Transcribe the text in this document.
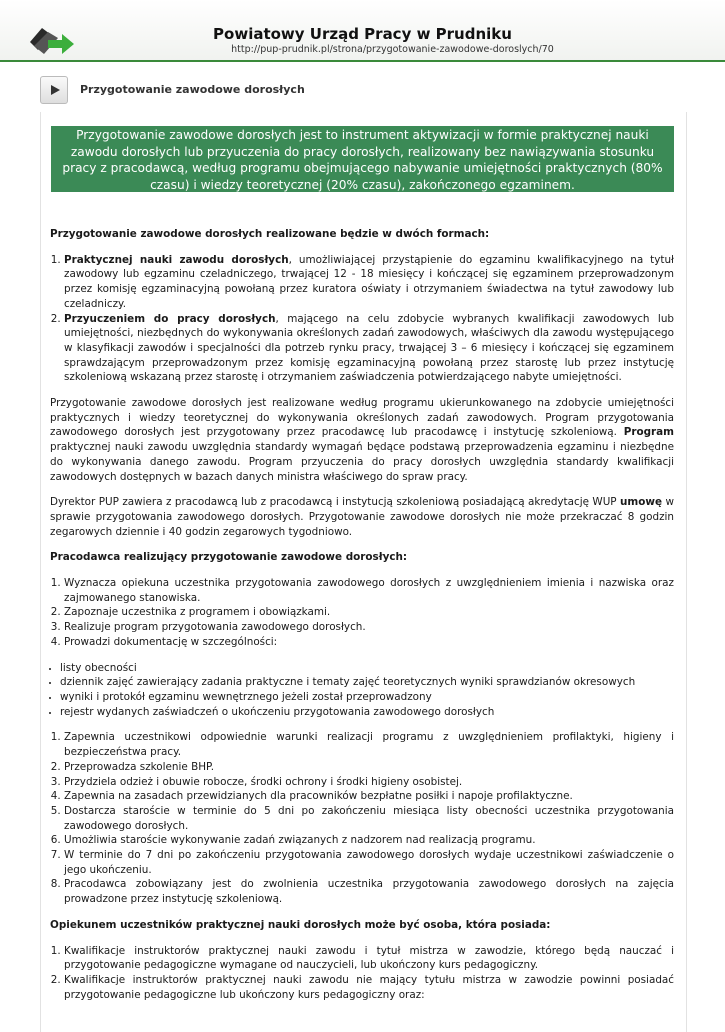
Powiatowy Urząd Pracy w Prudniku
http://pup-prudnik.pl/strona/przygotowanie-zawodowe-doroslych/70
Przygotowanie zawodowe dorosłych
Przygotowanie zawodowe dorosłych jest to instrument aktywizacji w formie praktycznej nauki zawodu dorosłych lub przyuczenia do pracy dorosłych, realizowany bez nawiązywania stosunku pracy z pracodawcą, według programu obejmującego nabywanie umiejętności praktycznych (80% czasu) i wiedzy teoretycznej (20% czasu), zakończonego egzaminem.
Przygotowanie zawodowe dorosłych realizowane będzie w dwóch formach:
1. Praktycznej nauki zawodu dorosłych, umożliwiającej przystąpienie do egzaminu kwalifikacyjnego na tytuł zawodowy lub egzaminu czeladniczego, trwającej 12 - 18 miesięcy i kończącej się egzaminem przeprowadzonym przez komisję egzaminacyjną powołaną przez kuratora oświaty i otrzymaniem świadectwa na tytuł zawodowy lub czeladniczy.
2. Przyuczeniem do pracy dorosłych, mającego na celu zdobycie wybranych kwalifikacji zawodowych lub umiejętności, niezbędnych do wykonywania określonych zadań zawodowych, właściwych dla zawodu występującego w klasyfikacji zawodów i specjalności dla potrzeb rynku pracy, trwającej 3 – 6 miesięcy i kończącej się egzaminem sprawdzającym przeprowadzonym przez komisję egzaminacyjną powołaną przez starostę lub przez instytucję szkoleniową wskazaną przez starostę i otrzymaniem zaświadczenia potwierdzającego nabyte umiejętności.

Przygotowanie zawodowe dorosłych jest realizowane według programu ukierunkowanego na zdobycie umiejętności praktycznych i wiedzy teoretycznej do wykonywania określonych zadań zawodowych. Program przygotowania zawodowego dorosłych jest przygotowany przez pracodawcę lub pracodawcę i instytucję szkoleniową. Program praktycznej nauki zawodu uwzględnia standardy wymagań będące podstawą przeprowadzenia egzaminu i niezbędne do wykonywania danego zawodu. Program przyuczenia do pracy dorosłych uwzględnia standardy kwalifikacji zawodowych dostępnych w bazach danych ministra właściwego do spraw pracy.

Dyrektor PUP zawiera z pracodawcą lub z pracodawcą i instytucją szkoleniową posiadającą akredytację WUP umowę w sprawie przygotowania zawodowego dorosłych. Przygotowanie zawodowe dorosłych nie może przekraczać 8 godzin zegarowych dziennie i 40 godzin zegarowych tygodniowo.

Pracodawca realizujący przygotowanie zawodowe dorosłych:
1. Wyznacza opiekuna uczestnika przygotowania zawodowego dorosłych z uwzględnieniem imienia i nazwiska oraz zajmowanego stanowiska.
2. Zapoznaje uczestnika z programem i obowiązkami.
3. Realizuje program przygotowania zawodowego dorosłych.
4. Prowadzi dokumentację w szczególności:
• listy obecności
• dziennik zajęć zawierający zadania praktyczne i tematy zajęć teoretycznych wyniki sprawdzianów okresowych
• wyniki i protokół egzaminu wewnętrznego jeżeli został przeprowadzony
• rejestr wydanych zaświadczeń o ukończeniu przygotowania zawodowego dorosłych
1. Zapewnia uczestnikowi odpowiednie warunki realizacji programu z uwzględnieniem profilaktyki, higieny i bezpieczeństwa pracy.
2. Przeprowadza szkolenie BHP.
3. Przydziela odzież i obuwie robocze, środki ochrony i środki higieny osobistej.
4. Zapewnia na zasadach przewidzianych dla pracowników bezpłatne posiłki i napoje profilaktyczne.
5. Dostarcza staroście w terminie do 5 dni po zakończeniu miesiąca listy obecności uczestnika przygotowania zawodowego dorosłych.
6. Umożliwia staroście wykonywanie zadań związanych z nadzorem nad realizacją programu.
7. W terminie do 7 dni po zakończeniu przygotowania zawodowego dorosłych wydaje uczestnikowi zaświadczenie o jego ukończeniu.
8. Pracodawca zobowiązany jest do zwolnienia uczestnika przygotowania zawodowego dorosłych na zajęcia prowadzone przez instytucję szkoleniową.
Opiekunem uczestników praktycznej nauki dorosłych może być osoba, która posiada:
1. Kwalifikacje instruktorów praktycznej nauki zawodu i tytuł mistrza w zawodzie, którego będą nauczać i przygotowanie pedagogiczne wymagane od nauczycieli, lub ukończony kurs pedagogiczny.
2. Kwalifikacje instruktorów praktycznej nauki zawodu nie mający tytułu mistrza w zawodzie powinni posiadać przygotowanie pedagogiczne lub ukończony kurs pedagogiczny oraz:
